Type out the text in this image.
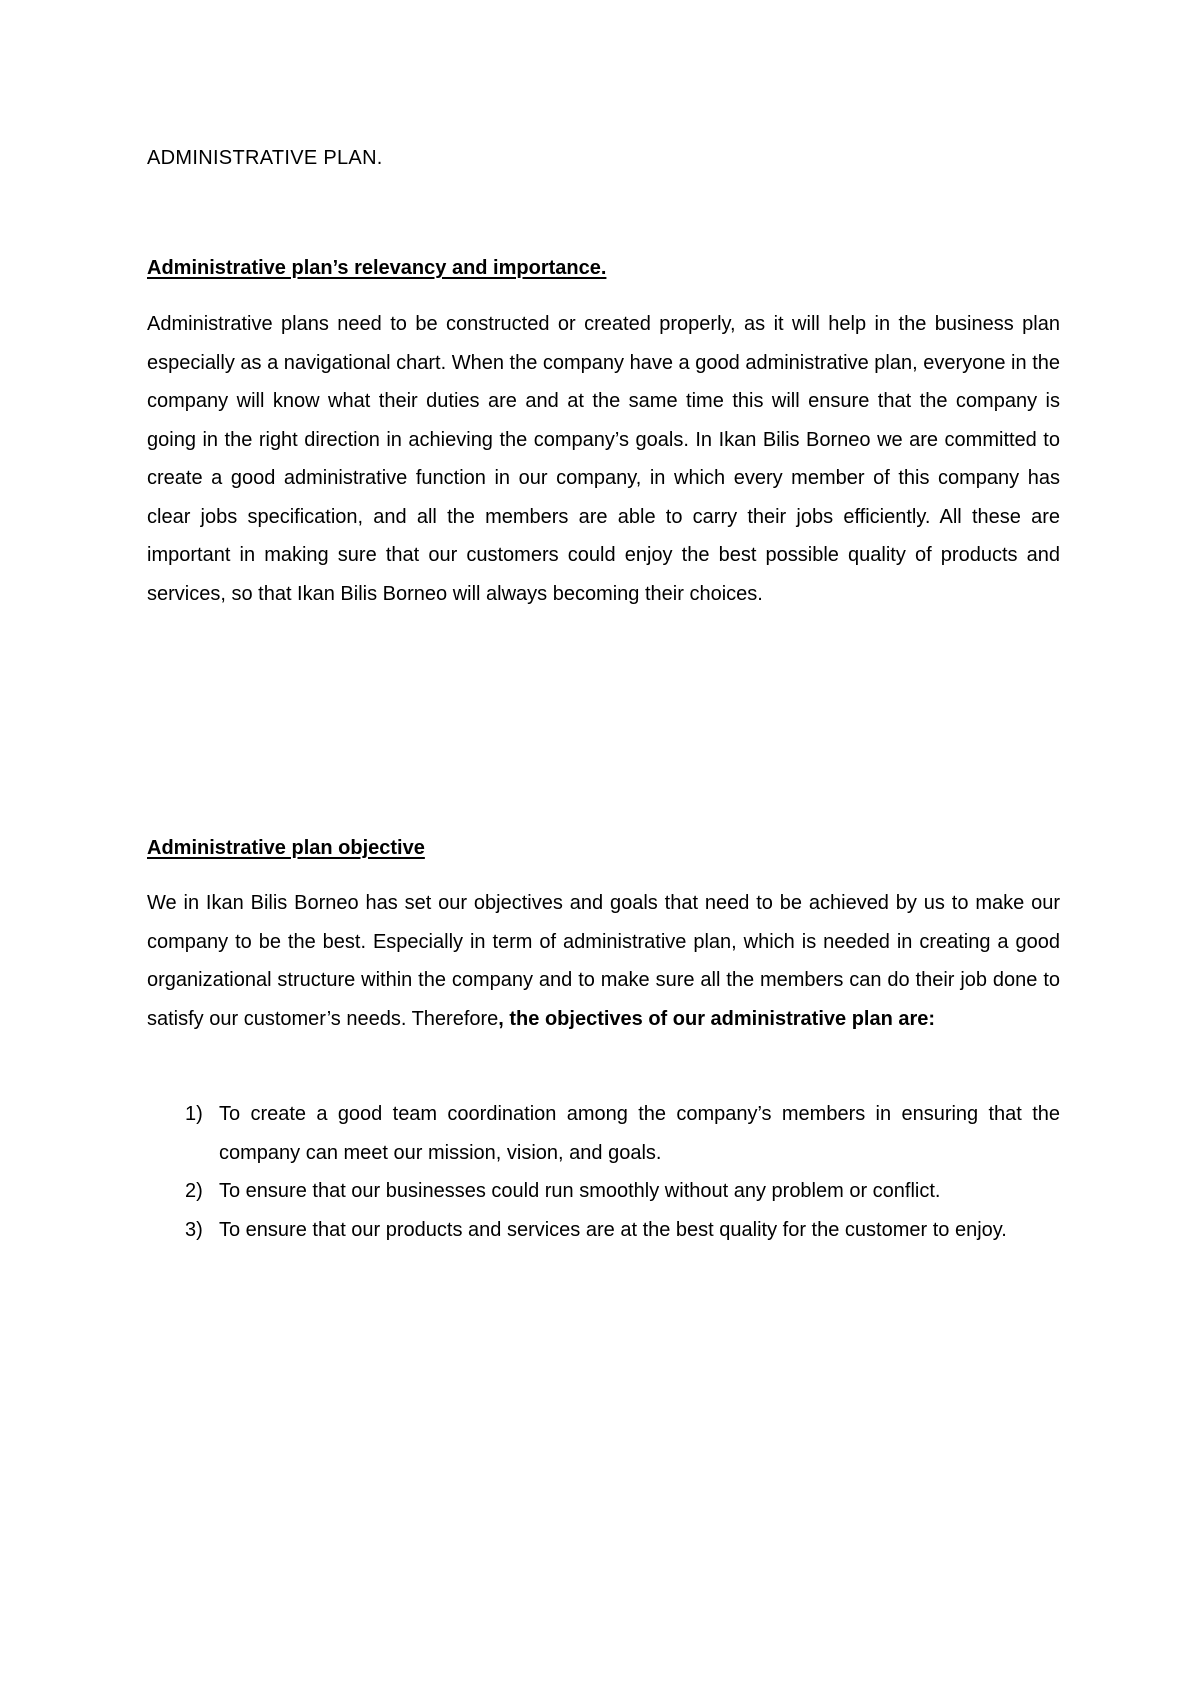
ADMINISTRATIVE PLAN.
Administrative plan’s relevancy and importance.

Administrative plans need to be constructed or created properly, as it will help in the business plan especially as a navigational chart. When the company have a good administrative plan, everyone in the company will know what their duties are and at the same time this will ensure that the company is going in the right direction in achieving the company’s goals. In Ikan Bilis Borneo we are committed to create a good administrative function in our company, in which every member of this company has clear jobs specification, and all the members are able to carry their jobs efficiently. All these are important in making sure that our customers could enjoy the best possible quality of products and services, so that Ikan Bilis Borneo will always becoming their choices.

Administrative plan objective

We in Ikan Bilis Borneo has set our objectives and goals that need to be achieved by us to make our company to be the best. Especially in term of administrative plan, which is needed in creating a good organizational structure within the company and to make sure all the members can do their job done to satisfy our customer’s needs. Therefore, the objectives of our administrative plan are:

1) To create a good team coordination among the company’s members in ensuring that the company can meet our mission, vision, and goals.
2) To ensure that our businesses could run smoothly without any problem or conflict.
3) To ensure that our products and services are at the best quality for the customer to enjoy.
